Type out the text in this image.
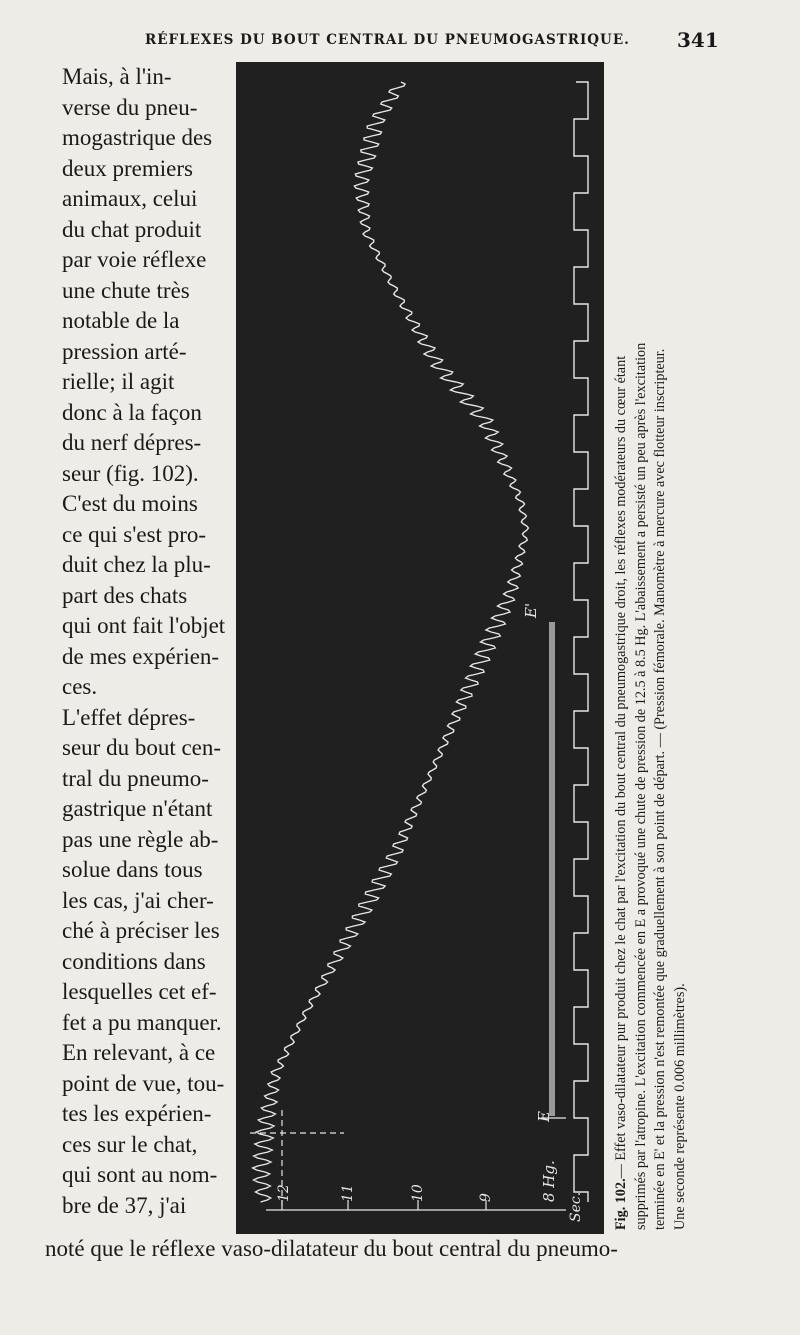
RÉFLEXES DU BOUT CENTRAL DU PNEUMOGASTRIQUE. 341
Mais, à l'in-
verse du pneu-
mogastrique des
deux premiers
animaux, celui
du chat produit
par voie réflexe
une chute très
notable de la
pression arté-
rielle; il agit
donc à la façon
du nerf dépres-
seur (fig. 102).
C'est du moins
ce qui s'est pro-
duit chez la plu-
part des chats
qui ont fait l'objet
de mes expérien-
ces.
L'effet dépres-
seur du bout cen-
tral du pneumo-
gastrique n'étant
pas une règle ab-
solue dans tous
les cas, j'ai cher-
ché à préciser les
conditions dans
lesquelles cet ef-
fet a pu manquer.
En relevant, à ce
point de vue, tou-
tes les expérien-
ces sur le chat,
qui sont au nom-
bre de 37, j'ai
noté que le réflexe vaso-dilatateur du bout central du pneumo-
E'
E
8 Hg.
Sec.
9
10
11
12	Fig. 102.— Effet vaso-dilatateur pur produit chez le chat par l'excitation du bout central du pneumogastrique droit, les réflexes modérateurs du cœur étant supprimés par l'atropine. L'excitation commencée en E a provoqué une chute de pression de 12.5 à 8.5 Hg. L'abaissement a persisté un peu après l'excitation terminée en E' et la pression n'est remontée que graduellement à son point de départ. — (Pression fémorale. Manomètre à mercure avec flotteur inscripteur. Une seconde représente 0.006 millimètres).
